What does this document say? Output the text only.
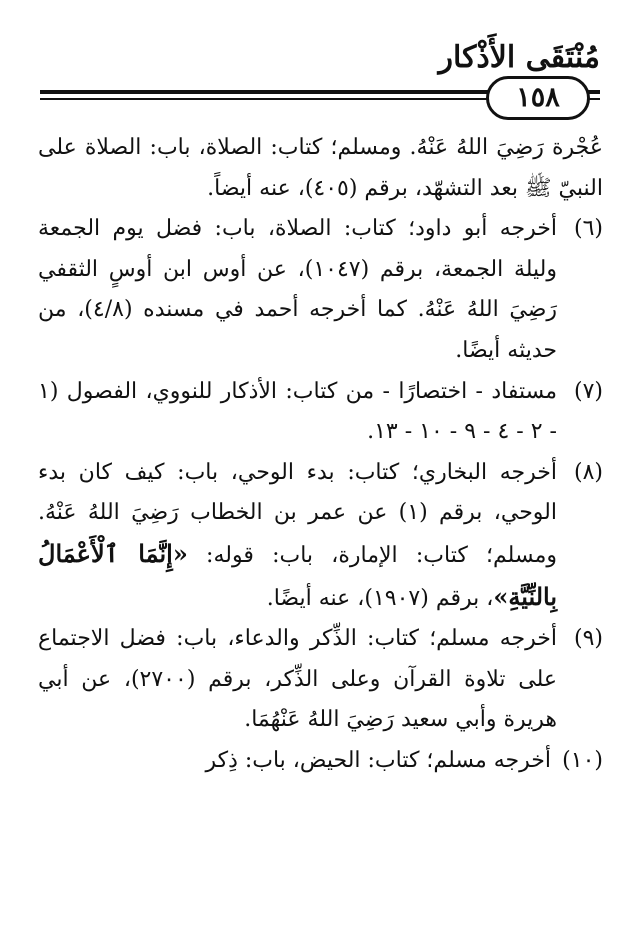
مُنْتَقَى الأَذْكار
١٥٨

عُجْرة رَضِيَ اللهُ عَنْهُ. ومسلم؛ كتاب: الصلاة، باب: الصلاة على النبيّ ﷺ بعد التشهّد، برقم (٤٠٥)، عنه أيضاً.

(٦)
أخرجه أبو داود؛ كتاب: الصلاة، باب: فضل يوم الجمعة وليلة الجمعة، برقم (١٠٤٧)، عن أوس ابن أوسٍ الثقفي رَضِيَ اللهُ عَنْهُ. كما أخرجه أحمد في مسنده (٤/٨)، من حديثه أيضًا.
(٧)
مستفاد - اختصارًا - من كتاب: الأذكار للنووي، الفصول (١ - ٢ - ٤ - ٩ - ١٠ - ١٣.
(٨)
أخرجه البخاري؛ كتاب: بدء الوحي، باب: كيف كان بدء الوحي، برقم (١) عن عمر بن الخطاب رَضِيَ اللهُ عَنْهُ. ومسلم؛ كتاب: الإمارة، باب: قوله: «إِنَّمَا ٱلْأَعْمَالُ بِالنِّيَّةِ»، برقم (١٩٠٧)، عنه أيضًا.
(٩)
أخرجه مسلم؛ كتاب: الذِّكر والدعاء، باب: فضل الاجتماع على تلاوة القرآن وعلى الذِّكر، برقم (٢٧٠٠)، عن أبي هريرة وأبي سعيد رَضِيَ اللهُ عَنْهُمَا.
(١٠)
أخرجه مسلم؛ كتاب: الحيض، باب: ذِكر
